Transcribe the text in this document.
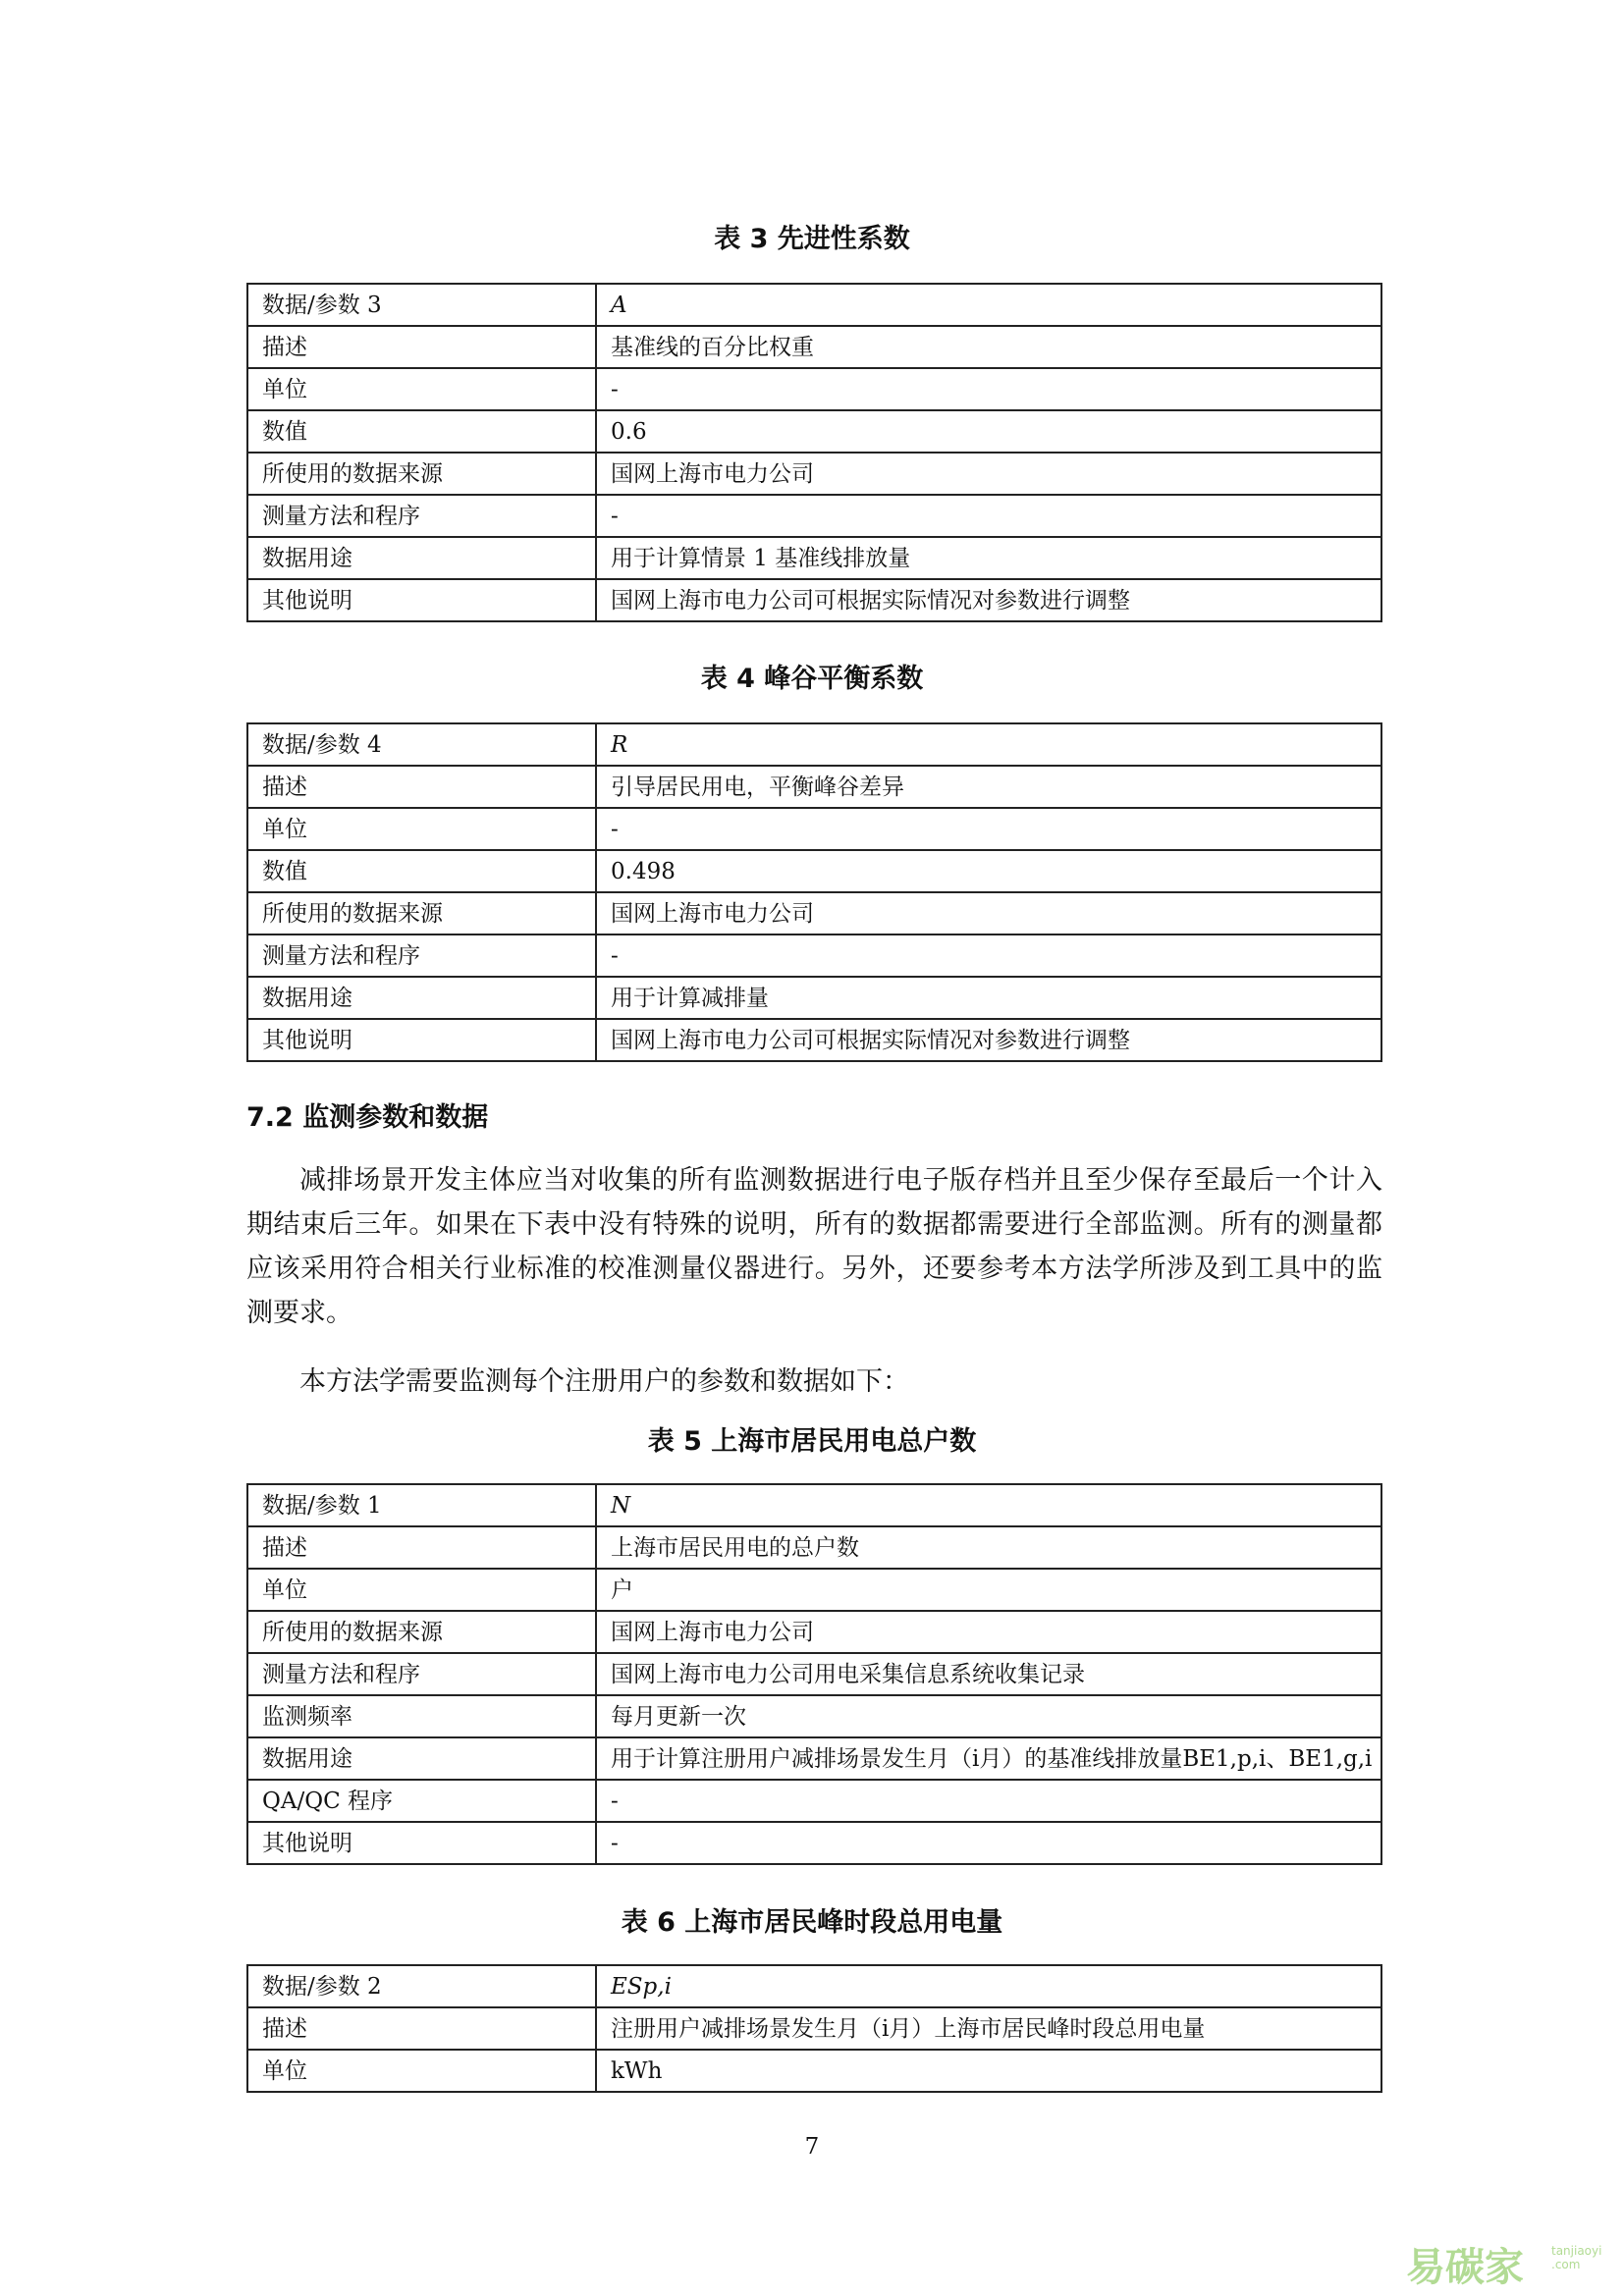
表 3 先进性系数
数据/参数 3	A
描述	基准线的百分比权重
单位	-
数值	0.6
所使用的数据来源	国网上海市电力公司
测量方法和程序	-
数据用途	用于计算情景 1 基准线排放量
其他说明	国网上海市电力公司可根据实际情况对参数进行调整
表 4 峰谷平衡系数
数据/参数 4	R
描述	引导居民用电，平衡峰谷差异
单位	-
数值	0.498
所使用的数据来源	国网上海市电力公司
测量方法和程序	-
数据用途	用于计算减排量
其他说明	国网上海市电力公司可根据实际情况对参数进行调整
7.2 监测参数和数据

减排场景开发主体应当对收集的所有监测数据进行电子版存档并且至少保存至最后一个计入期结束后三年。如果在下表中没有特殊的说明，所有的数据都需要进行全部监测。所有的测量都应该采用符合相关行业标准的校准测量仪器进行。另外，还要参考本方法学所涉及到工具中的监测要求。

本方法学需要监测每个注册用户的参数和数据如下：

表 5 上海市居民用电总户数
数据/参数 1	N
描述	上海市居民用电的总户数
单位	户
所使用的数据来源	国网上海市电力公司
测量方法和程序	国网上海市电力公司用电采集信息系统收集记录
监测频率	每月更新一次
数据用途	用于计算注册用户减排场景发生月（i月）的基准线排放量BE1,p,i、BE1,g,i
QA/QC 程序	-
其他说明	-
表 6 上海市居民峰时段总用电量
数据/参数 2	ESp,i
描述	注册用户减排场景发生月（i月）上海市居民峰时段总用电量
单位	kWh
7
易碳家 tanjiaoyi
.com
